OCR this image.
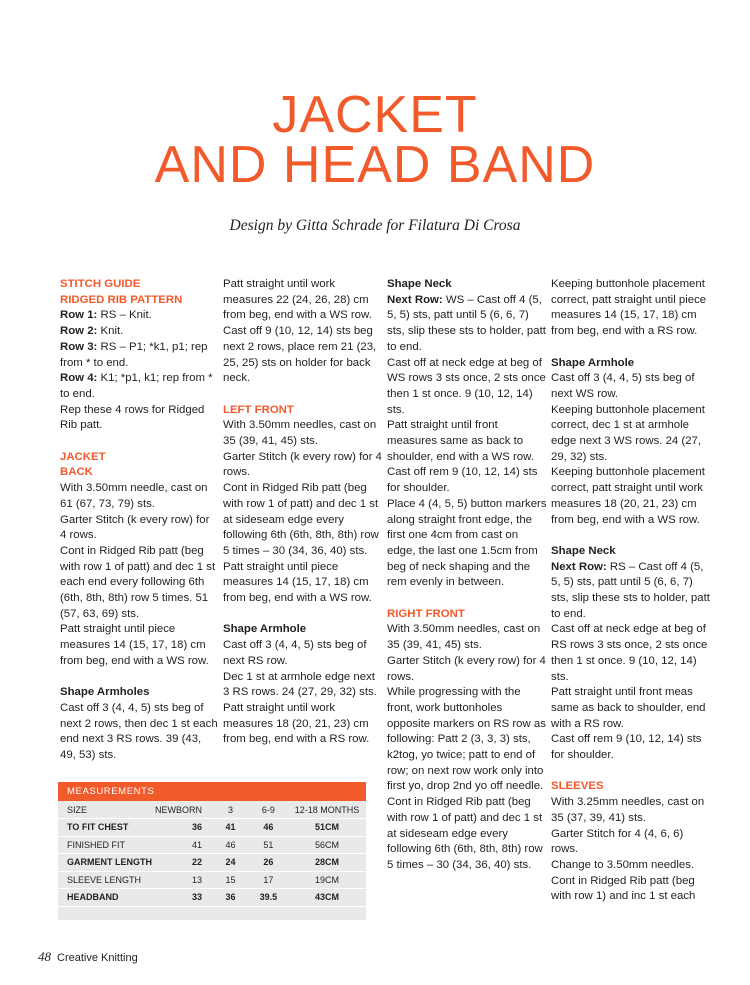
JACKET
AND HEAD BAND
Design by Gitta Schrade for Filatura Di Crosa

STITCH GUIDE

RIDGED RIB PATTERN

Row 1: RS – Knit.

Row 2: Knit.

Row 3: RS – P1; *k1, p1; rep from * to end.

Row 4: K1; *p1, k1; rep from * to end.

Rep these 4 rows for Ridged Rib patt.

JACKET

BACK

With 3.50mm needle, cast on 61 (67, 73, 79) sts.

Garter Stitch (k every row) for 4 rows.

Cont in Ridged Rib patt (beg with row 1 of patt) and dec 1 st each end every following 6th (6th, 8th, 8th) row 5 times. 51 (57, 63, 69) sts.

Patt straight until piece measures 14 (15, 17, 18) cm from beg, end with a WS row.

Shape Armholes

Cast off 3 (4, 4, 5) sts beg of next 2 rows, then dec 1 st each end next 3 RS rows. 39 (43, 49, 53) sts.

Patt straight until work measures 22 (24, 26, 28) cm from beg, end with a WS row.

Cast off 9 (10, 12, 14) sts beg next 2 rows, place rem 21 (23, 25, 25) sts on holder for back neck.

LEFT FRONT

With 3.50mm needles, cast on 35 (39, 41, 45) sts.

Garter Stitch (k every row) for 4 rows.

Cont in Ridged Rib patt (beg with row 1 of patt) and dec 1 st at sideseam edge every following 6th (6th, 8th, 8th) row 5 times – 30 (34, 36, 40) sts.

Patt straight until piece measures 14 (15, 17, 18) cm from beg, end with a WS row.

Shape Armhole

Cast off 3 (4, 4, 5) sts beg of next RS row.

Dec 1 st at armhole edge next 3 RS rows. 24 (27, 29, 32) sts.

Patt straight until work measures 18 (20, 21, 23) cm from beg, end with a RS row.

Shape Neck

Next Row: WS – Cast off 4 (5, 5, 5) sts, patt until 5 (6, 6, 7) sts, slip these sts to holder, patt to end.

Cast off at neck edge at beg of WS rows 3 sts once, 2 sts once then 1 st once. 9 (10, 12, 14) sts.

Patt straight until front measures same as back to shoulder, end with a WS row.

Cast off rem 9 (10, 12, 14) sts for shoulder.

Place 4 (4, 5, 5) button markers along straight front edge, the first one 4cm from cast on edge, the last one 1.5cm from beg of neck shaping and the rem evenly in between.

RIGHT FRONT

With 3.50mm needles, cast on 35 (39, 41, 45) sts.

Garter Stitch (k every row) for 4 rows.

While progressing with the front, work buttonholes opposite markers on RS row as following: Patt 2 (3, 3, 3) sts, k2tog, yo twice; patt to end of row; on next row work only into first yo, drop 2nd yo off needle.

Cont in Ridged Rib patt (beg with row 1 of patt) and dec 1 st at sideseam edge every following 6th (6th, 8th, 8th) row 5 times – 30 (34, 36, 40) sts.

Keeping buttonhole placement correct, patt straight until piece measures 14 (15, 17, 18) cm from beg, end with a RS row.

Shape Armhole

Cast off 3 (4, 4, 5) sts beg of next WS row.

Keeping buttonhole placement correct, dec 1 st at armhole edge next 3 WS rows. 24 (27, 29, 32) sts.

Keeping buttonhole placement correct, patt straight until work measures 18 (20, 21, 23) cm from beg, end with a WS row.

Shape Neck

Next Row: RS – Cast off 4 (5, 5, 5) sts, patt until 5 (6, 6, 7) sts, slip these sts to holder, patt to end.

Cast off at neck edge at beg of RS rows 3 sts once, 2 sts once then 1 st once. 9 (10, 12, 14) sts.

Patt straight until front meas same as back to shoulder, end with a RS row.

Cast off rem 9 (10, 12, 14) sts for shoulder.

SLEEVES

With 3.25mm needles, cast on 35 (37, 39, 41) sts.

Garter Stitch for 4 (4, 6, 6) rows.

Change to 3.50mm needles.

Cont in Ridged Rib patt (beg with row 1) and inc 1 st each

MEASUREMENTS
SIZE	NEWBORN	3	6-9	12-18 MONTHS
TO FIT CHEST	36	41	46	51CM
FINISHED FIT	41	46	51	56CM
GARMENT LENGTH	22	24	26	28CM
SLEEVE LENGTH	13	15	17	19CM
HEADBAND	33	36	39.5	43CM
48 Creative Knitting
